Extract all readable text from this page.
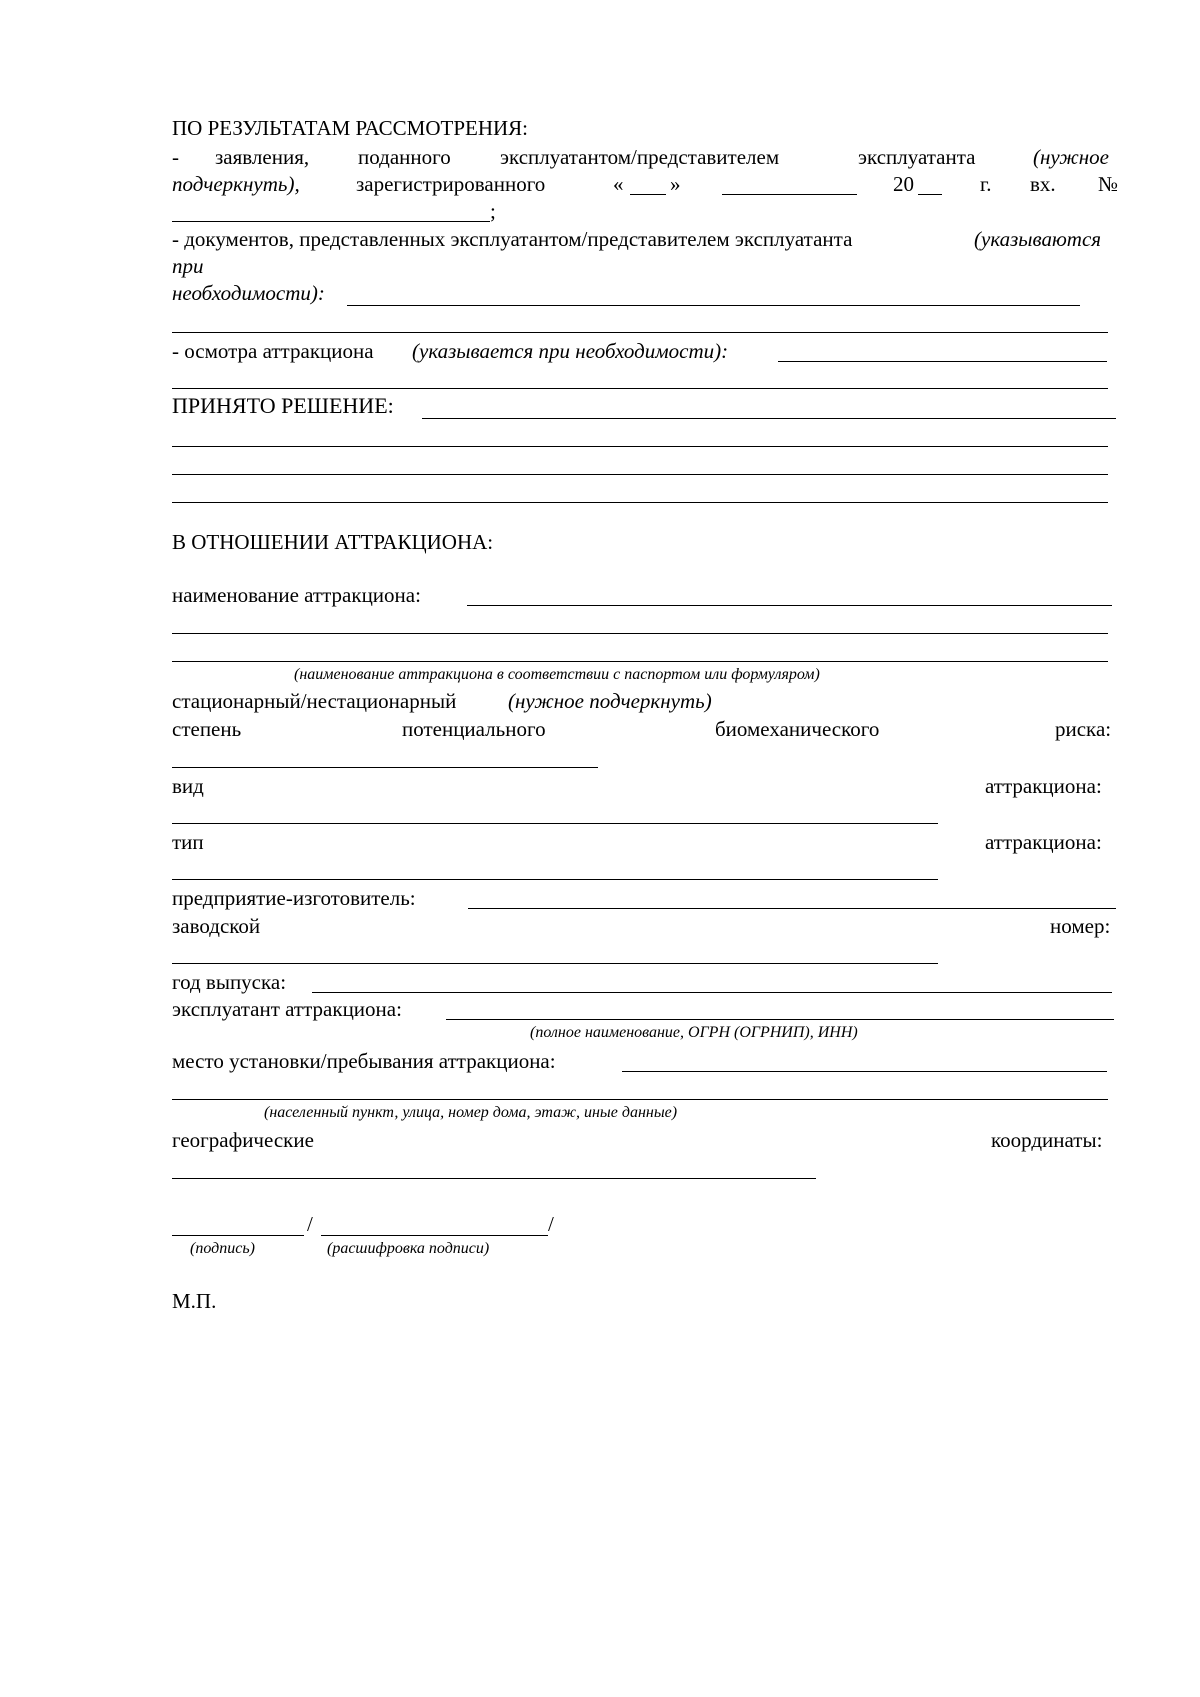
ПО РЕЗУЛЬТАТАМ РАССМОТРЕНИЯ:
- заявления, поданного эксплуатантом/представителем	эксплуатанта	(нужное
подчеркнуть),	зарегистрированного	« »	20	г. вх. №
;
- документов, представленных эксплуатантом/представителем эксплуатанта	(указываются
при
необходимости):
- осмотра аттракциона (указывается при необходимости):
ПРИНЯТО РЕШЕНИЕ:
В ОТНОШЕНИИ АТТРАКЦИОНА:
наименование аттракциона:
(наименование аттракциона в соответствии с паспортом или формуляром)
стационарный/нестационарный (нужное подчеркнуть)
степень	потенциального	биомеханического	риска:
вид	аттракциона:
тип	аттракциона:
предприятие-изготовитель:
заводской	номер:
год выпуска:
эксплуатант аттракциона:
(полное наименование, ОГРН (ОГРНИП), ИНН)
место установки/пребывания аттракциона:
(населенный пункт, улица, номер дома, этаж, иные данные)
географические	координаты:
/	/
(подпись)	(расшифровка подписи)
М.П.
